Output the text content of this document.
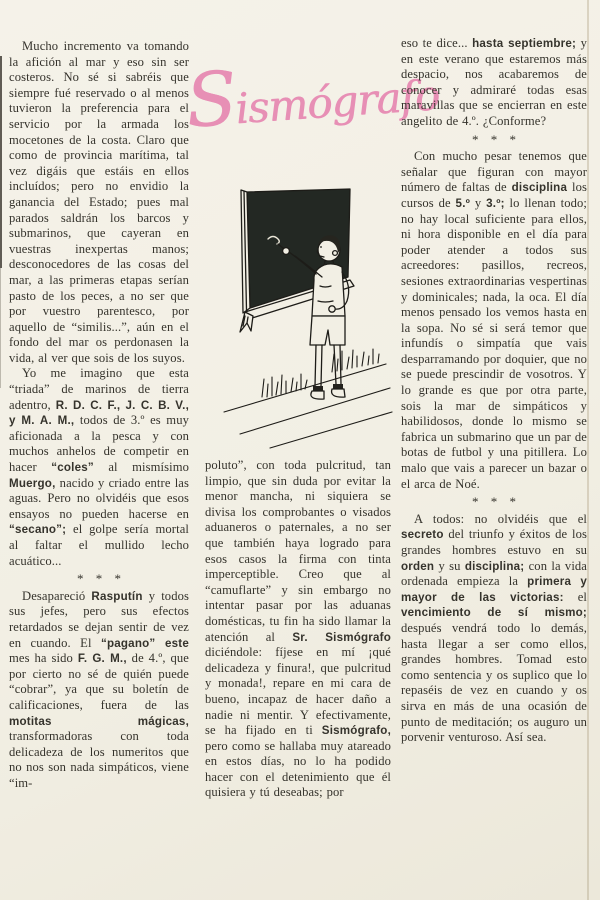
Mucho incremento va tomando la afición al mar y eso sin ser costeros. No sé si sabréis que siempre fué reservado o al menos tuvieron la preferencia para el servicio por la armada los mocetones de la costa. Claro que como de provincia marítima, tal vez digáis que estáis en ellos incluídos; pero no envidio la ganancia del Estado; pues mal parados saldrán los barcos y submarinos, que cayeran en vuestras inexpertas manos; desconocedores de las cosas del mar, a las primeras etapas serían pasto de los peces, a no ser que por vuestro parentesco, por aquello de “similis...”, aún en el fondo del mar os perdonasen la vida, al ver que sois de los suyos.
Yo me imagino que esta “triada” de marinos de tierra adentro, R. D. C. F., J. C. B. V., y M. A. M., todos de 3.º es muy aficionada a la pesca y con muchos anhelos de competir en hacer “coles” al mismísimo Muergo, nacido y criado entre las aguas. Pero no olvidéis que esos ensayos no pueden hacerse en “secano”; el golpe sería mortal al faltar el mullido lecho acuático...
* * *
Desapareció Rasputín y todos sus jefes, pero sus efectos retardados se dejan sentir de vez en cuando. El “pagano” este mes ha sido F. G. M., de 4.º, que por cierto no sé de quién puede “cobrar”, ya que su boletín de calificaciones, fuera de las motitas mágicas, transformadoras con toda delicadeza de los numeritos que no nos son nada simpáticos, viene “im-
Sismógrafo
poluto”, con toda pulcritud, tan limpio, que sin duda por evitar la menor mancha, ni siquiera se divisa los comprobantes o visados aduaneros o paternales, a no ser que también haya logrado para esos casos la firma con tinta imperceptible. Creo que al “camuflarte” y sin embargo no intentar pasar por las aduanas domésticas, tu fin ha sido llamar la atención al Sr. Sismógrafo diciéndole: fíjese en mí ¡qué delicadeza y finura!, que pulcritud y monada!, repare en mi cara de bueno, incapaz de hacer daño a nadie ni mentir. Y efectivamente, se ha fijado en ti Sismógrafo, pero como se hallaba muy atareado en estos días, no lo ha podido hacer con el detenimiento que él quisiera y tú deseabas; por
eso te dice... hasta septiembre; y en este verano que estaremos más despacio, nos acabaremos de conocer y admiraré todas esas maravillas que se encierran en este angelito de 4.º. ¿Conforme?
* * *
Con mucho pesar tenemos que señalar que figuran con mayor número de faltas de disciplina los cursos de 5.º y 3.º; lo llenan todo; no hay local suficiente para ellos, ni hora disponible en el día para poder atender a todos sus acreedores: pasillos, recreos, sesiones extraordinarias vespertinas y dominicales; nada, la oca. El día menos pensado los vemos hasta en la sopa. No sé si será temor que infundís o simpatía que vais desparramando por doquier, que no se puede prescindir de vosotros. Y lo grande es que por otra parte, sois la mar de simpáticos y habilidosos, donde lo mismo se fabrica un submarino que un par de botas de futbol y una pitillera. Lo malo que vais a parecer un bazar o el arca de Noé.
* * *
A todos: no olvidéis que el secreto del triunfo y éxitos de los grandes hombres estuvo en su orden y su disciplina; con la vida ordenada empieza la primera y mayor de las victorias: el vencimiento de sí mismo; después vendrá todo lo demás, hasta llegar a ser como ellos, grandes hombres. Tomad esto como sentencia y os suplico que lo repaséis de vez en cuando y os sirva en más de una ocasión de punto de meditación; os auguro un porvenir venturoso. Así sea.
